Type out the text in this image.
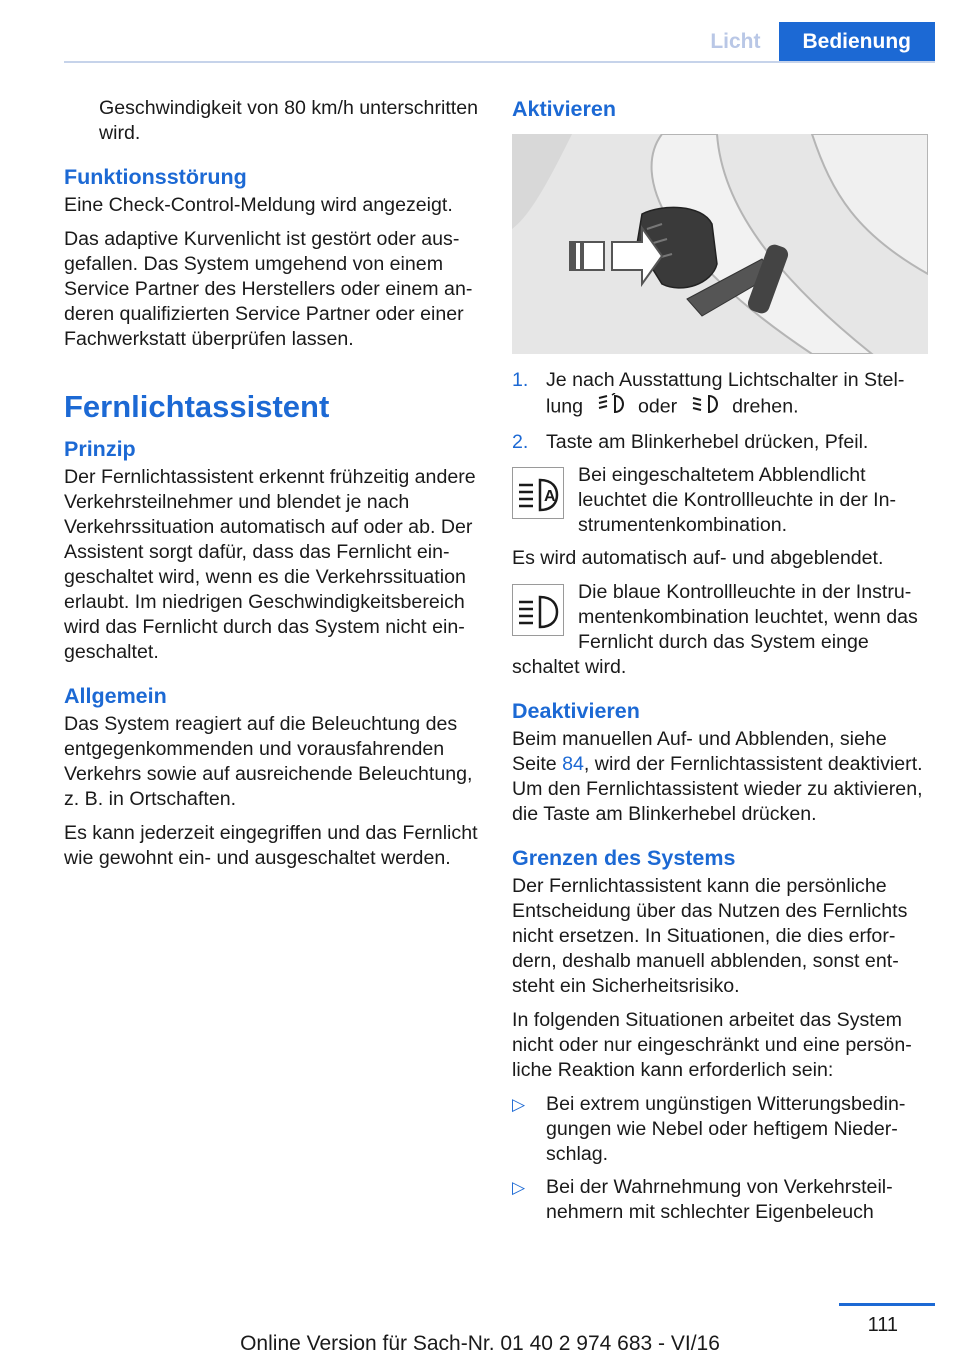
Licht	Bedienung

Geschwindigkeit von 80 km/h unterschritten wird.

Funktionsstörung

Eine Check-Control-Meldung wird angezeigt.

Das adaptive Kurvenlicht ist gestört oder ausgefallen. Das System umgehend von einem Service Partner des Herstellers oder einem anderen qualifizierten Service Partner oder einer Fachwerkstatt überprüfen lassen.

Fernlichtassistent
Prinzip

Der Fernlichtassistent erkennt frühzeitig andere Verkehrsteilnehmer und blendet je nach Verkehrssituation automatisch auf oder ab. Der Assistent sorgt dafür, dass das Fernlicht eingeschaltet wird, wenn es die Verkehrssituation erlaubt. Im niedrigen Geschwindigkeitsbereich wird das Fernlicht durch das System nicht eingeschaltet.

Allgemein

Das System reagiert auf die Beleuchtung des entgegenkommenden und vorausfahrenden Verkehrs sowie auf ausreichende Beleuchtung, z. B. in Ortschaften.

Es kann jederzeit eingegriffen und das Fernlicht wie gewohnt ein- und ausgeschaltet werden.

Aktivieren
1. Je nach Ausstattung Lichtschalter in Stellung	oder	drehen.
2. Taste am Blinkerhebel drücken, Pfeil.
A
Bei eingeschaltetem Abblendlicht leuchtet die Kontrollleuchte in der Instrumentenkombination.

Es wird automatisch auf- und abgeblendet.

Die blaue Kontrollleuchte in der Instrumentenkombination leuchtet, wenn das Fernlicht durch das System einge

schaltet wird.

Deaktivieren

Beim manuellen Auf- und Abblenden, siehe Seite 84, wird der Fernlichtassistent deaktiviert. Um den Fernlichtassistent wieder zu aktivieren, die Taste am Blinkerhebel drücken.

Grenzen des Systems

Der Fernlichtassistent kann die persönliche Entscheidung über das Nutzen des Fernlichts nicht ersetzen. In Situationen, die dies erfordern, deshalb manuell abblenden, sonst entsteht ein Sicherheitsrisiko.

In folgenden Situationen arbeitet das System nicht oder nur eingeschränkt und eine persönliche Reaktion kann erforderlich sein:

▷	Bei extrem ungünstigen Witterungsbedingungen wie Nebel oder heftigem Niederschlag.
▷	Bei der Wahrnehmung von Verkehrsteilnehmern mit schlechter Eigenbeleuch
111
Online Version für Sach-Nr. 01 40 2 974 683 - VI/16
